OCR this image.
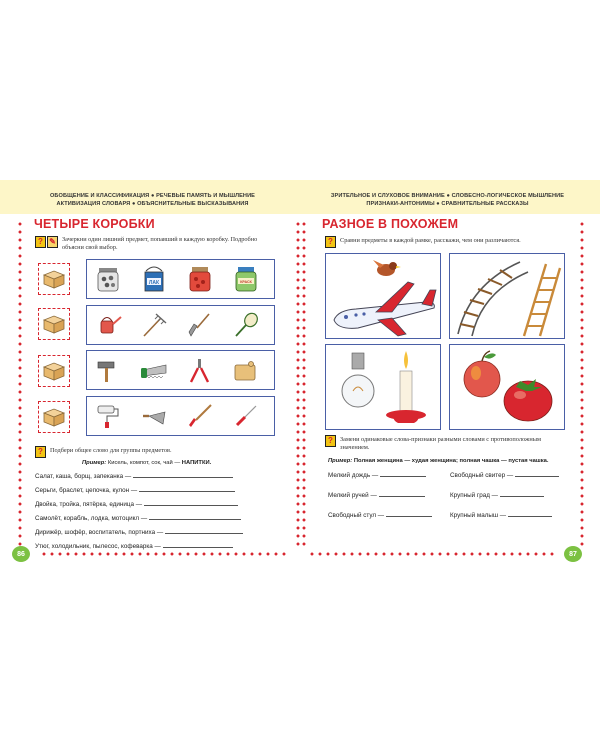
ОБОБЩЕНИЕ И КЛАССИФИКАЦИЯ ● РЕЧЕВЫЕ ПАМЯТЬ И МЫШЛЕНИЕ АКТИВИЗАЦИЯ СЛОВАРЯ ● ОБЪЯСНИТЕЛЬНЫЕ ВЫСКАЗЫВАНИЯ
ЗРИТЕЛЬНОЕ И СЛУХОВОЕ ВНИМАНИЕ ● СЛОВЕСНО-ЛОГИЧЕСКОЕ МЫШЛЕНИЕ ПРИЗНАКИ-АНТОНИМЫ ● СРАВНИТЕЛЬНЫЕ РАССКАЗЫ
ЧЕТЫРЕ КОРОБКИ
? ✎ Зачеркни один лишний предмет, попавший в каждую коробку. Подробно объясни свой выбор.
ЛАК	КРАСК
?	Подбери общее слово для группы предметов.
Пример: Кисель, компот, сок, чай — НАПИТКИ.
Салат, каша, борщ, запеканка —
Серьги, браслет, цепочка, кулон —
Двойка, тройка, пятёрка, единица —
Самолёт, корабль, лодка, мотоцикл —
Дирижёр, шофёр, воспитатель, портниха —
Утюг, холодильник, пылесос, кофеварка —
86
РАЗНОЕ В ПОХОЖЕМ
?	Сравни предметы в каждой рамке, расскажи, чем они различаются.
?	Замени одинаковые слова-признаки разными словами с противоположным значением.
Пример: Полная женщина — худая женщина; полная чашка — пустая чашка.
Мелкий дождь —	Свободный свитер —
Мелкий ручей —	Крупный град —
Свободный стул —	Крупный малыш —
87
